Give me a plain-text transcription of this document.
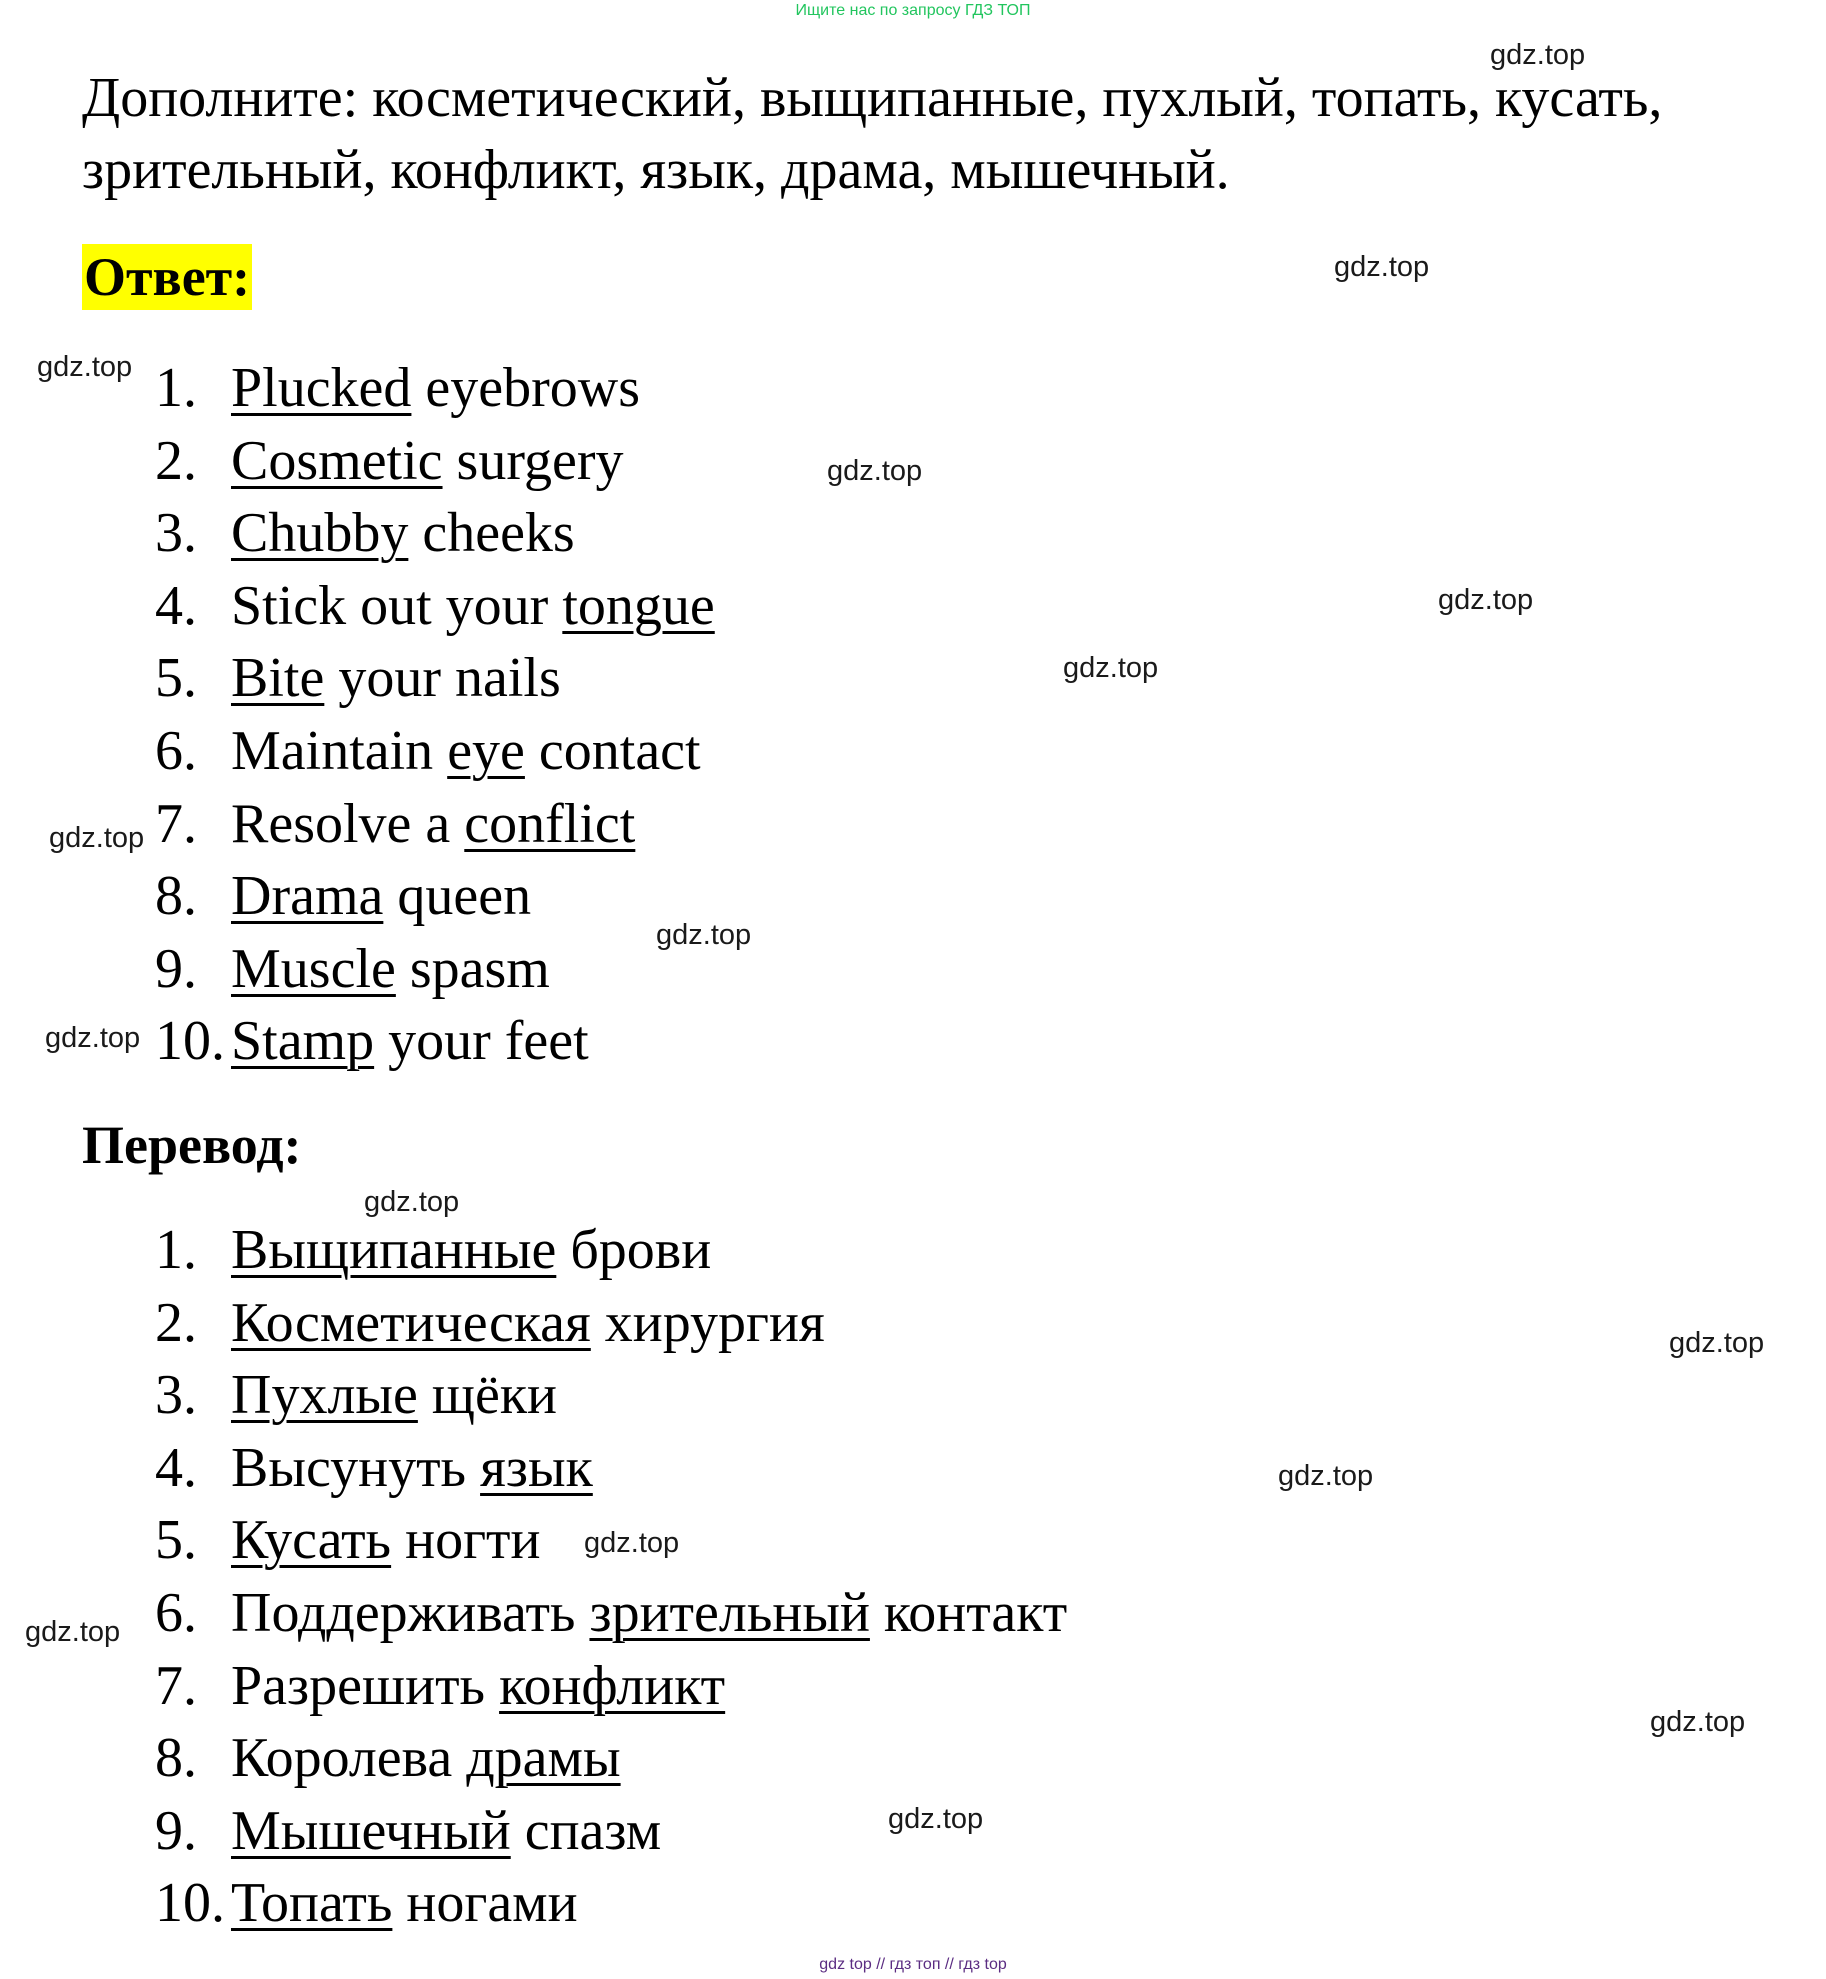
Ищите нас по запросу ГДЗ ТОП
Дополните: косметический, выщипанные, пухлый, топать, кусать, зрительный, конфликт, язык, драма, мышечный.
Ответ:
1. Plucked eyebrows
2. Cosmetic surgery
3. Chubby cheeks
4. Stick out your tongue
5. Bite your nails
6. Maintain eye contact
7. Resolve a conflict
8. Drama queen
9. Muscle spasm
10. Stamp your feet
Перевод:
1. Выщипанные брови
2. Косметическая хирургия
3. Пухлые щёки
4. Высунуть язык
5. Кусать ногти
6. Поддерживать зрительный контакт
7. Разрешить конфликт
8. Королева драмы
9. Мышечный спазм
10. Топать ногами
gdz.top
gdz.top
gdz.top
gdz.top
gdz.top
gdz.top
gdz.top
gdz.top
gdz.top
gdz.top
gdz.top
gdz.top
gdz.top
gdz.top
gdz.top
gdz.top
gdz top // гдз топ // гдз top
